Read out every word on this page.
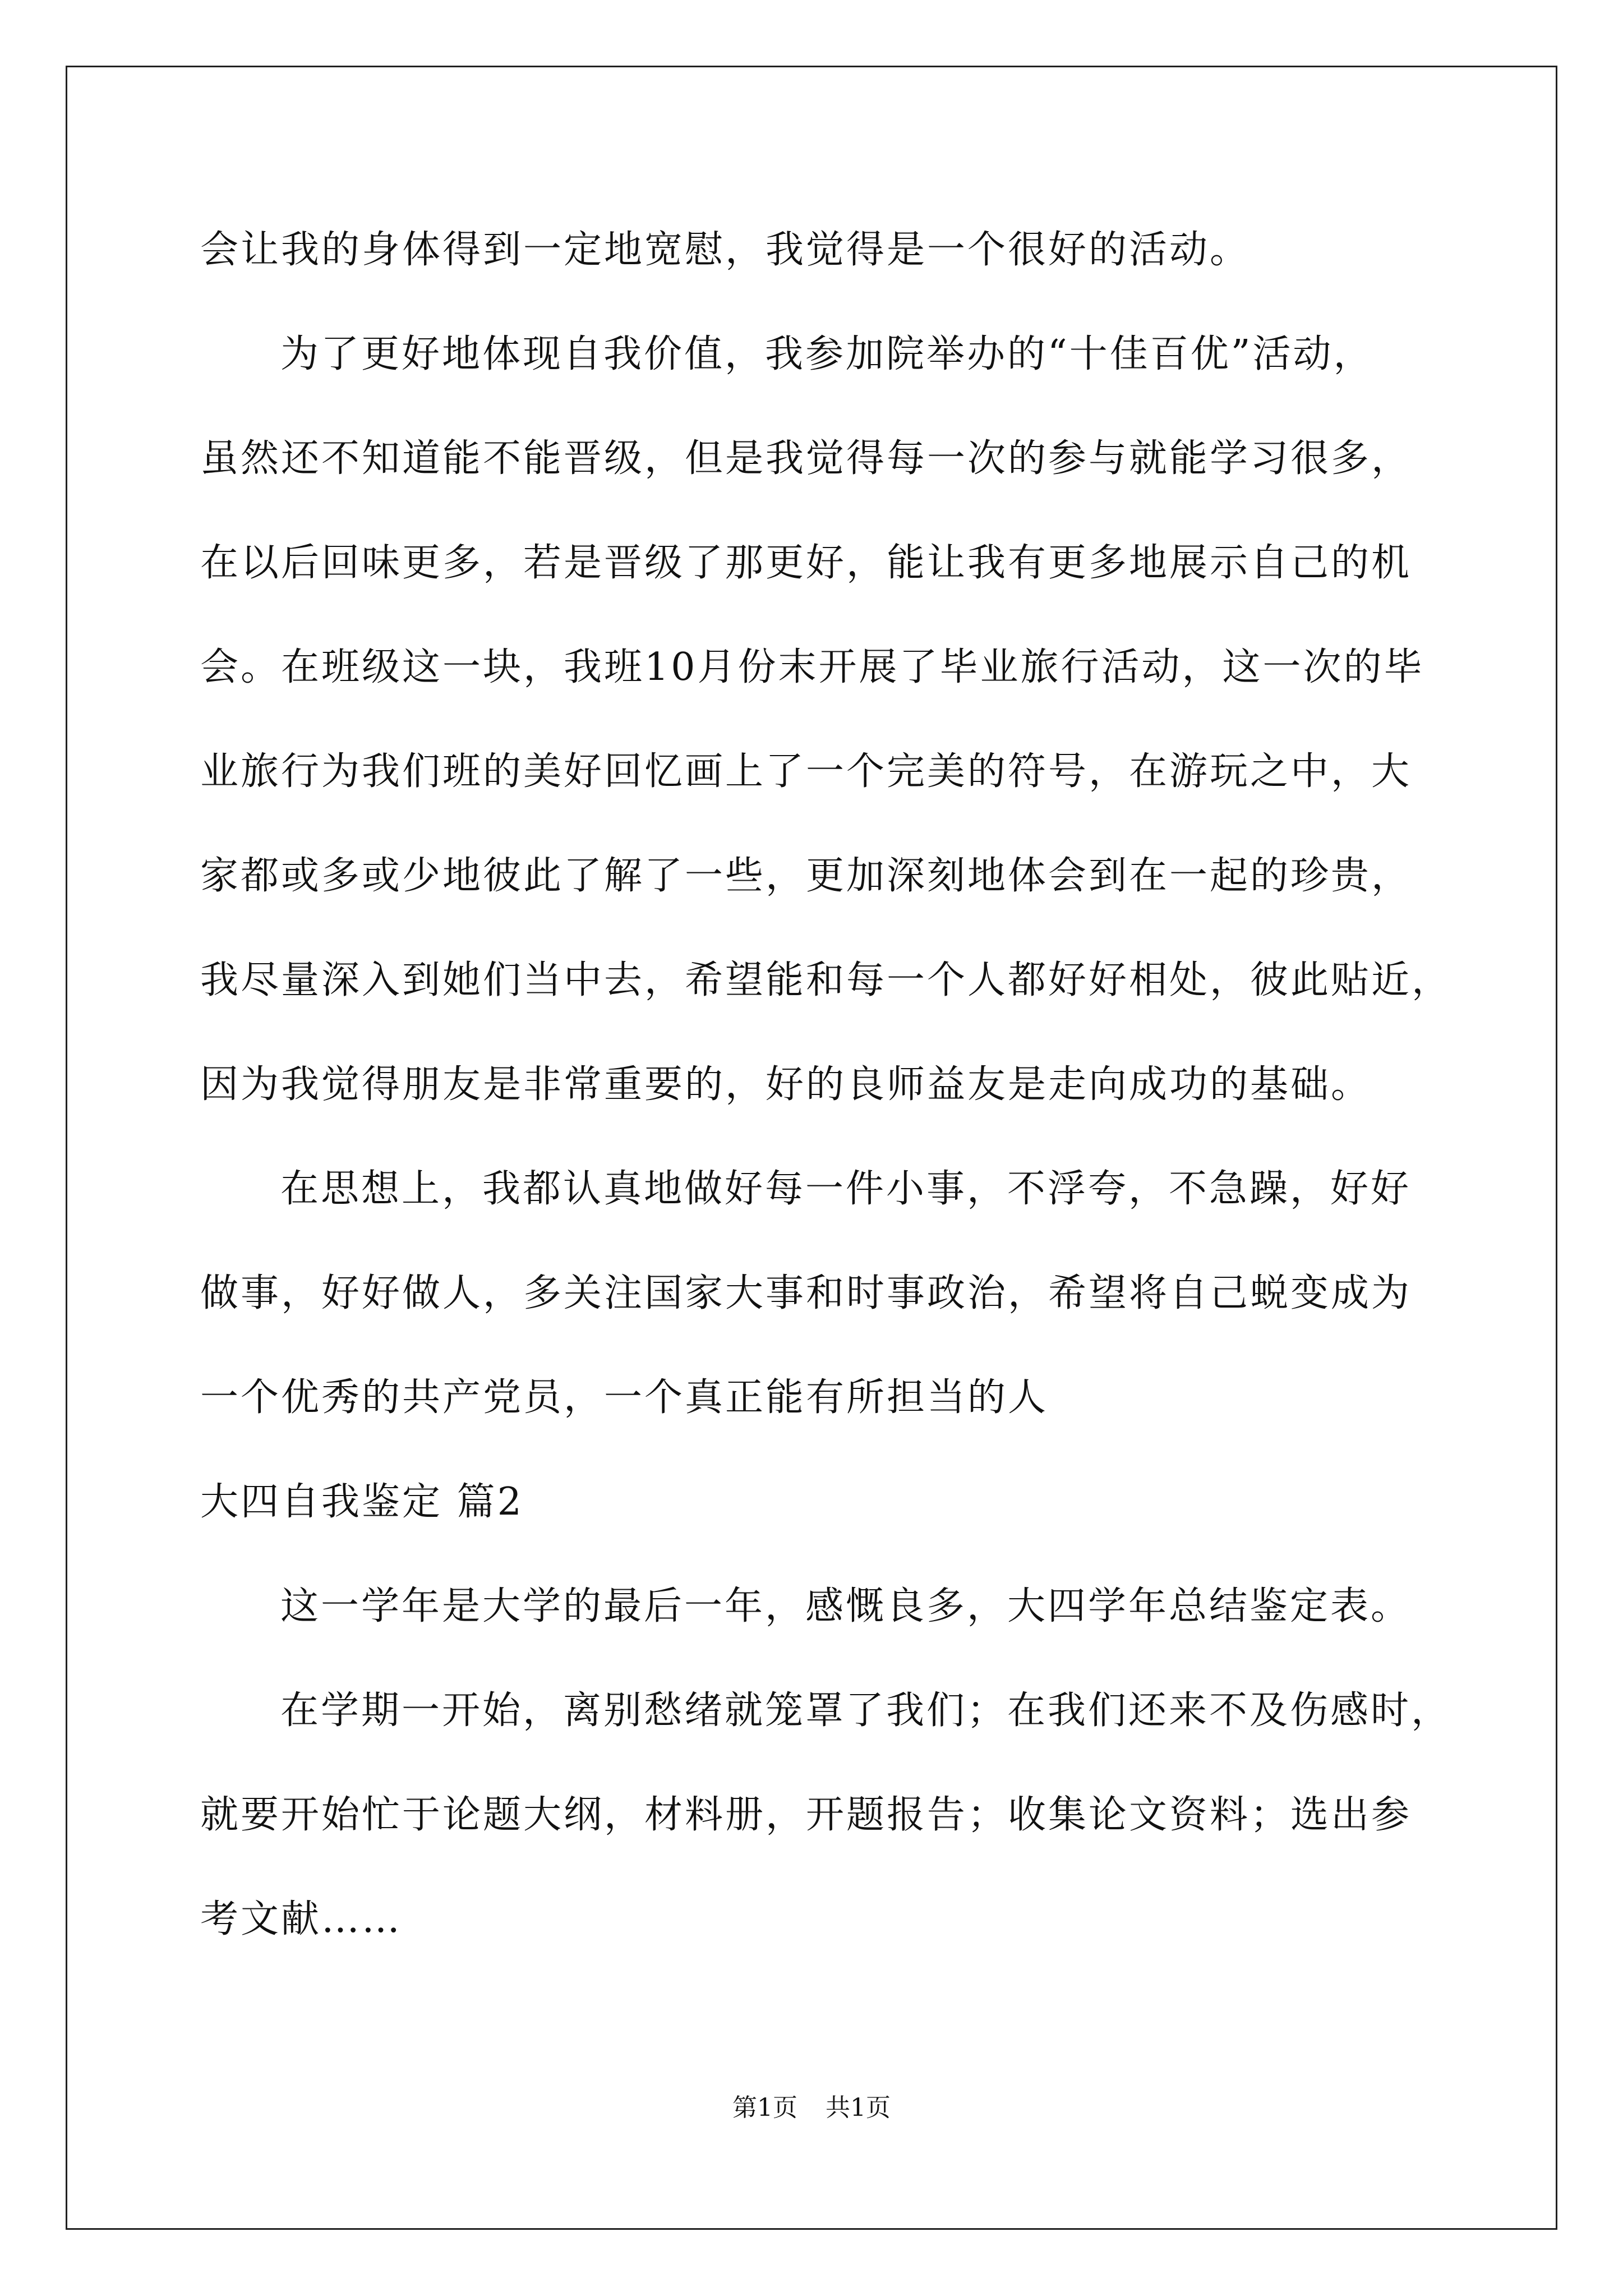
会让我的身体得到一定地宽慰，我觉得是一个很好的活动。
为了更好地体现自我价值，我参加院举办的“十佳百优”活动，
虽然还不知道能不能晋级，但是我觉得每一次的参与就能学习很多，
在以后回味更多，若是晋级了那更好，能让我有更多地展示自己的机
会。在班级这一块，我班10月份末开展了毕业旅行活动，这一次的毕
业旅行为我们班的美好回忆画上了一个完美的符号，在游玩之中，大
家都或多或少地彼此了解了一些，更加深刻地体会到在一起的珍贵，
我尽量深入到她们当中去，希望能和每一个人都好好相处，彼此贴近，
因为我觉得朋友是非常重要的，好的良师益友是走向成功的基础。
在思想上，我都认真地做好每一件小事，不浮夸，不急躁，好好
做事，好好做人，多关注国家大事和时事政治，希望将自己蜕变成为
一个优秀的共产党员，一个真正能有所担当的人
大四自我鉴定 篇2
这一学年是大学的最后一年，感慨良多，大四学年总结鉴定表。
在学期一开始，离别愁绪就笼罩了我们；在我们还来不及伤感时，
就要开始忙于论题大纲，材料册，开题报告；收集论文资料；选出参
考文献……
第1页 共1页
